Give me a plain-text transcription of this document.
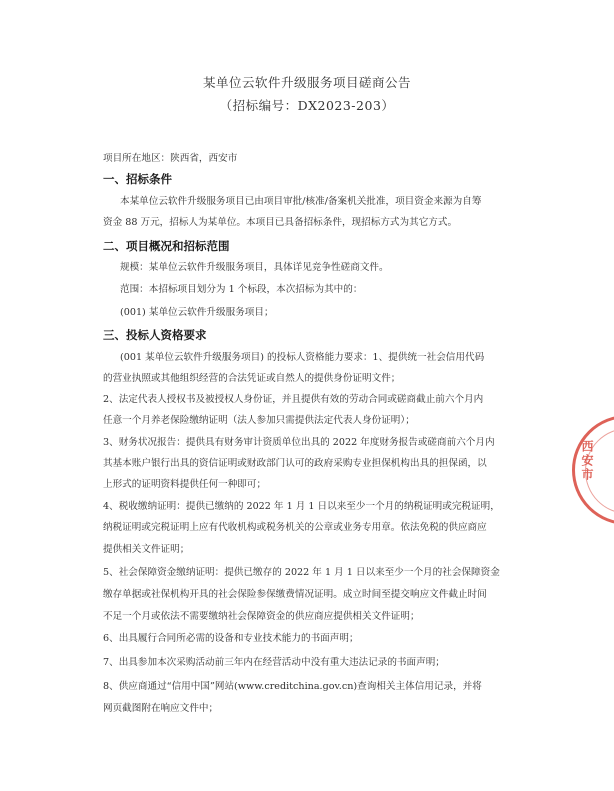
某单位云软件升级服务项目磋商公告
（招标编号：DX2023-203）
项目所在地区：陕西省，西安市
一、招标条件
本某单位云软件升级服务项目已由项目审批/核准/备案机关批准，项目资金来源为自筹
资金 88 万元，招标人为某单位。本项目已具备招标条件，现招标方式为其它方式。
二、项目概况和招标范围
规模：某单位云软件升级服务项目，具体详见竞争性磋商文件。
范围：本招标项目划分为 1 个标段，本次招标为其中的：
(001) 某单位云软件升级服务项目；
三、投标人资格要求
(001 某单位云软件升级服务项目) 的投标人资格能力要求：1、提供统一社会信用代码
的营业执照或其他组织经营的合法凭证或自然人的提供身份证明文件；
2、法定代表人授权书及被授权人身份证，并且提供有效的劳动合同或磋商截止前六个月内
任意一个月养老保险缴纳证明（法人参加只需提供法定代表人身份证明）；
3、财务状况报告：提供具有财务审计资质单位出具的 2022 年度财务报告或磋商前六个月内
其基本账户银行出具的资信证明或财政部门认可的政府采购专业担保机构出具的担保函，以
上形式的证明资料提供任何一种即可；
4、税收缴纳证明：提供已缴纳的 2022 年 1 月 1 日以来至少一个月的纳税证明或完税证明，
纳税证明或完税证明上应有代收机构或税务机关的公章或业务专用章。依法免税的供应商应
提供相关文件证明；
5、社会保障资金缴纳证明：提供已缴存的 2022 年 1 月 1 日以来至少一个月的社会保障资金
缴存单据或社保机构开具的社会保险参保缴费情况证明。成立时间至提交响应文件截止时间
不足一个月或依法不需要缴纳社会保障资金的供应商应提供相关文件证明；
6、出具履行合同所必需的设备和专业技术能力的书面声明；
7、出具参加本次采购活动前三年内在经营活动中没有重大违法记录的书面声明；
8、供应商通过“信用中国”网站(www.creditchina.gov.cn)查询相关主体信用记录，并将
网页截图附在响应文件中；
西安市
